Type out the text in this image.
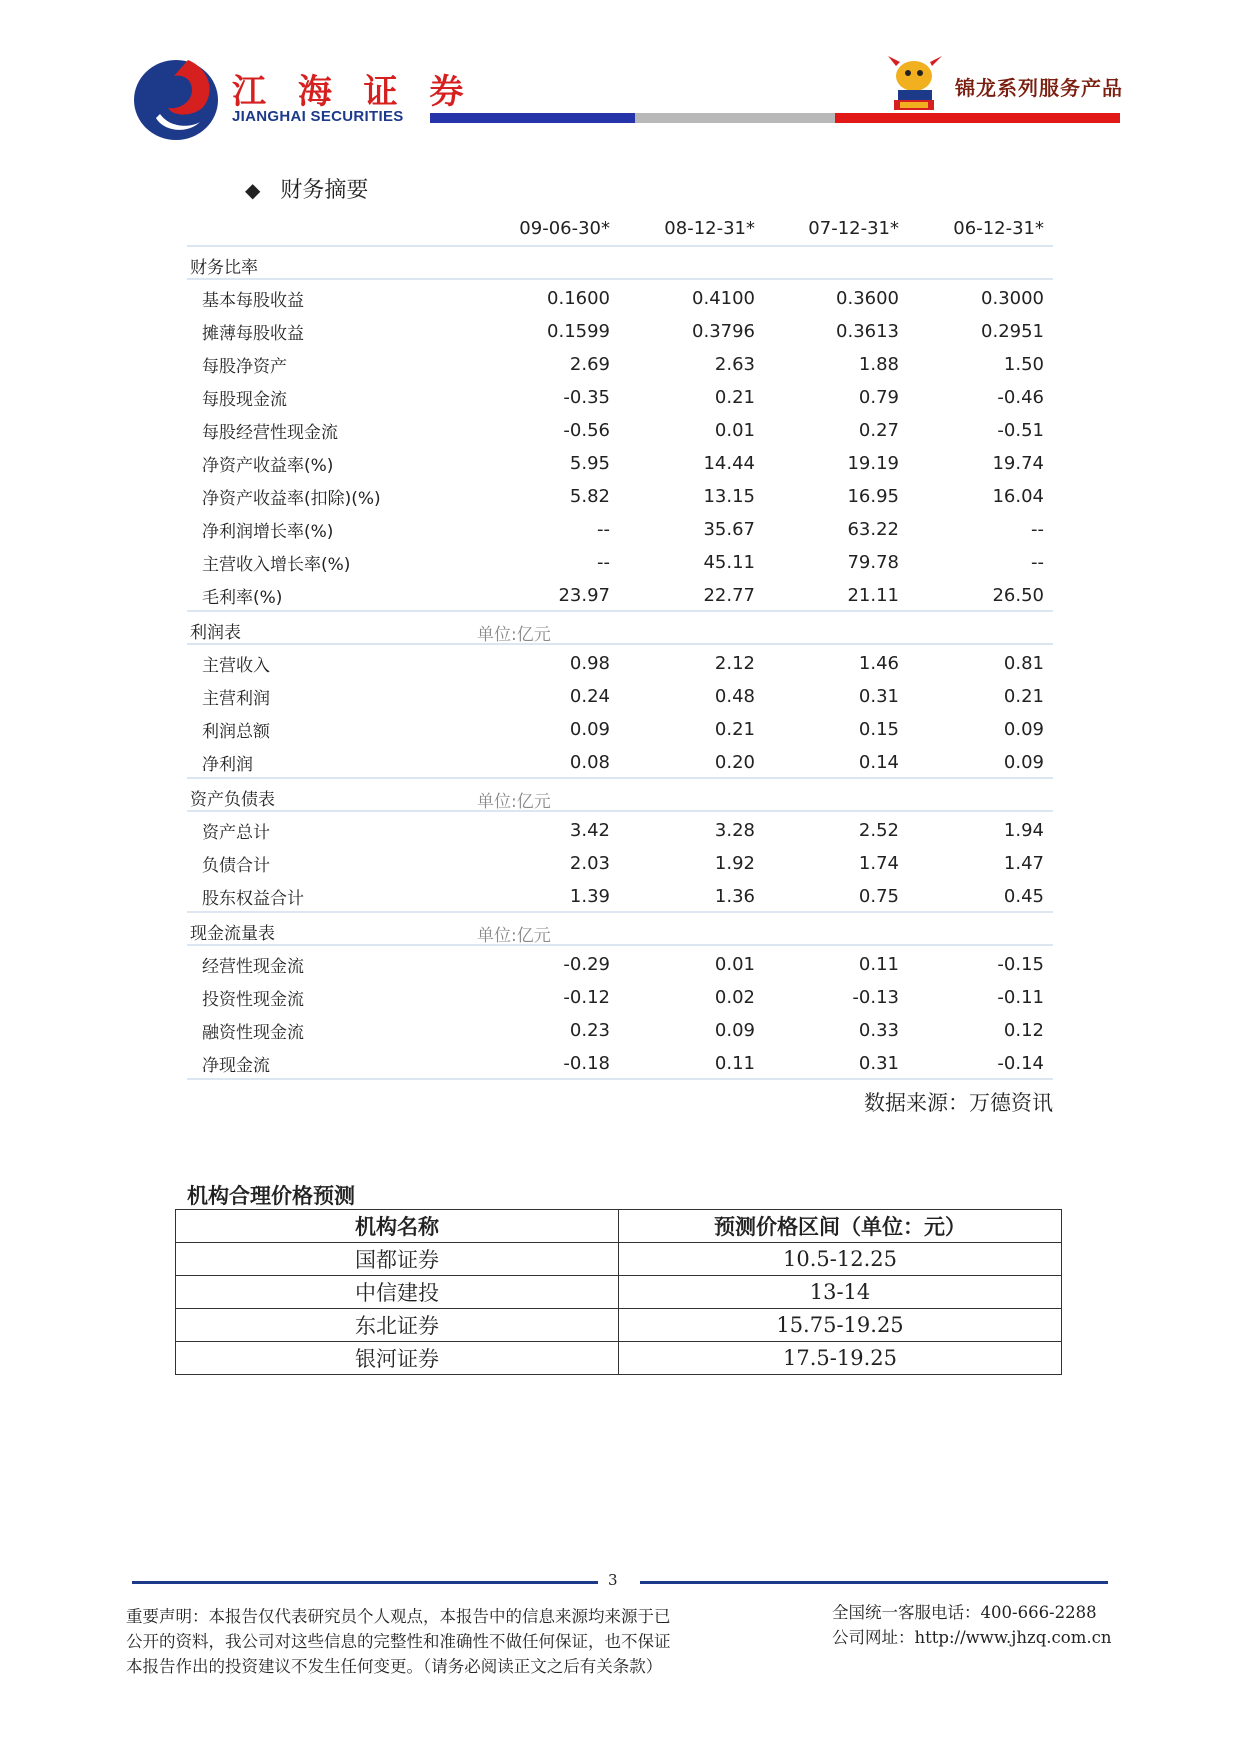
江 海 证 券
JIANGHAI SECURITIES
锦龙系列服务产品
◆ 财务摘要
09-06-30*	08-12-31*	07-12-31*	06-12-31*
财务比率
基本每股收益	0.1600	0.4100	0.3600	0.3000
摊薄每股收益	0.1599	0.3796	0.3613	0.2951
每股净资产	2.69	2.63	1.88	1.50
每股现金流	-0.35	0.21	0.79	-0.46
每股经营性现金流	-0.56	0.01	0.27	-0.51
净资产收益率(%)	5.95	14.44	19.19	19.74
净资产收益率(扣除)(%)	5.82	13.15	16.95	16.04
净利润增长率(%)	--	35.67	63.22	--
主营收入增长率(%)	--	45.11	79.78	--
毛利率(%)	23.97	22.77	21.11	26.50
利润表	单位:亿元
主营收入	0.98	2.12	1.46	0.81
主营利润	0.24	0.48	0.31	0.21
利润总额	0.09	0.21	0.15	0.09
净利润	0.08	0.20	0.14	0.09
资产负债表	单位:亿元
资产总计	3.42	3.28	2.52	1.94
负债合计	2.03	1.92	1.74	1.47
股东权益合计	1.39	1.36	0.75	0.45
现金流量表	单位:亿元
经营性现金流	-0.29	0.01	0.11	-0.15
投资性现金流	-0.12	0.02	-0.13	-0.11
融资性现金流	0.23	0.09	0.33	0.12
净现金流	-0.18	0.11	0.31	-0.14
数据来源：万德资讯
机构合理价格预测
机构名称	预测价格区间（单位：元）
国都证券	10.5-12.25
中信建投	13-14
东北证券	15.75-19.25
银河证券	17.5-19.25
3
重要声明：本报告仅代表研究员个人观点，本报告中的信息来源均来源于已
公开的资料，我公司对这些信息的完整性和准确性不做任何保证，也不保证
本报告作出的投资建议不发生任何变更。（请务必阅读正文之后有关条款）
全国统一客服电话：400-666-2288
公司网址：http://www.jhzq.com.cn
